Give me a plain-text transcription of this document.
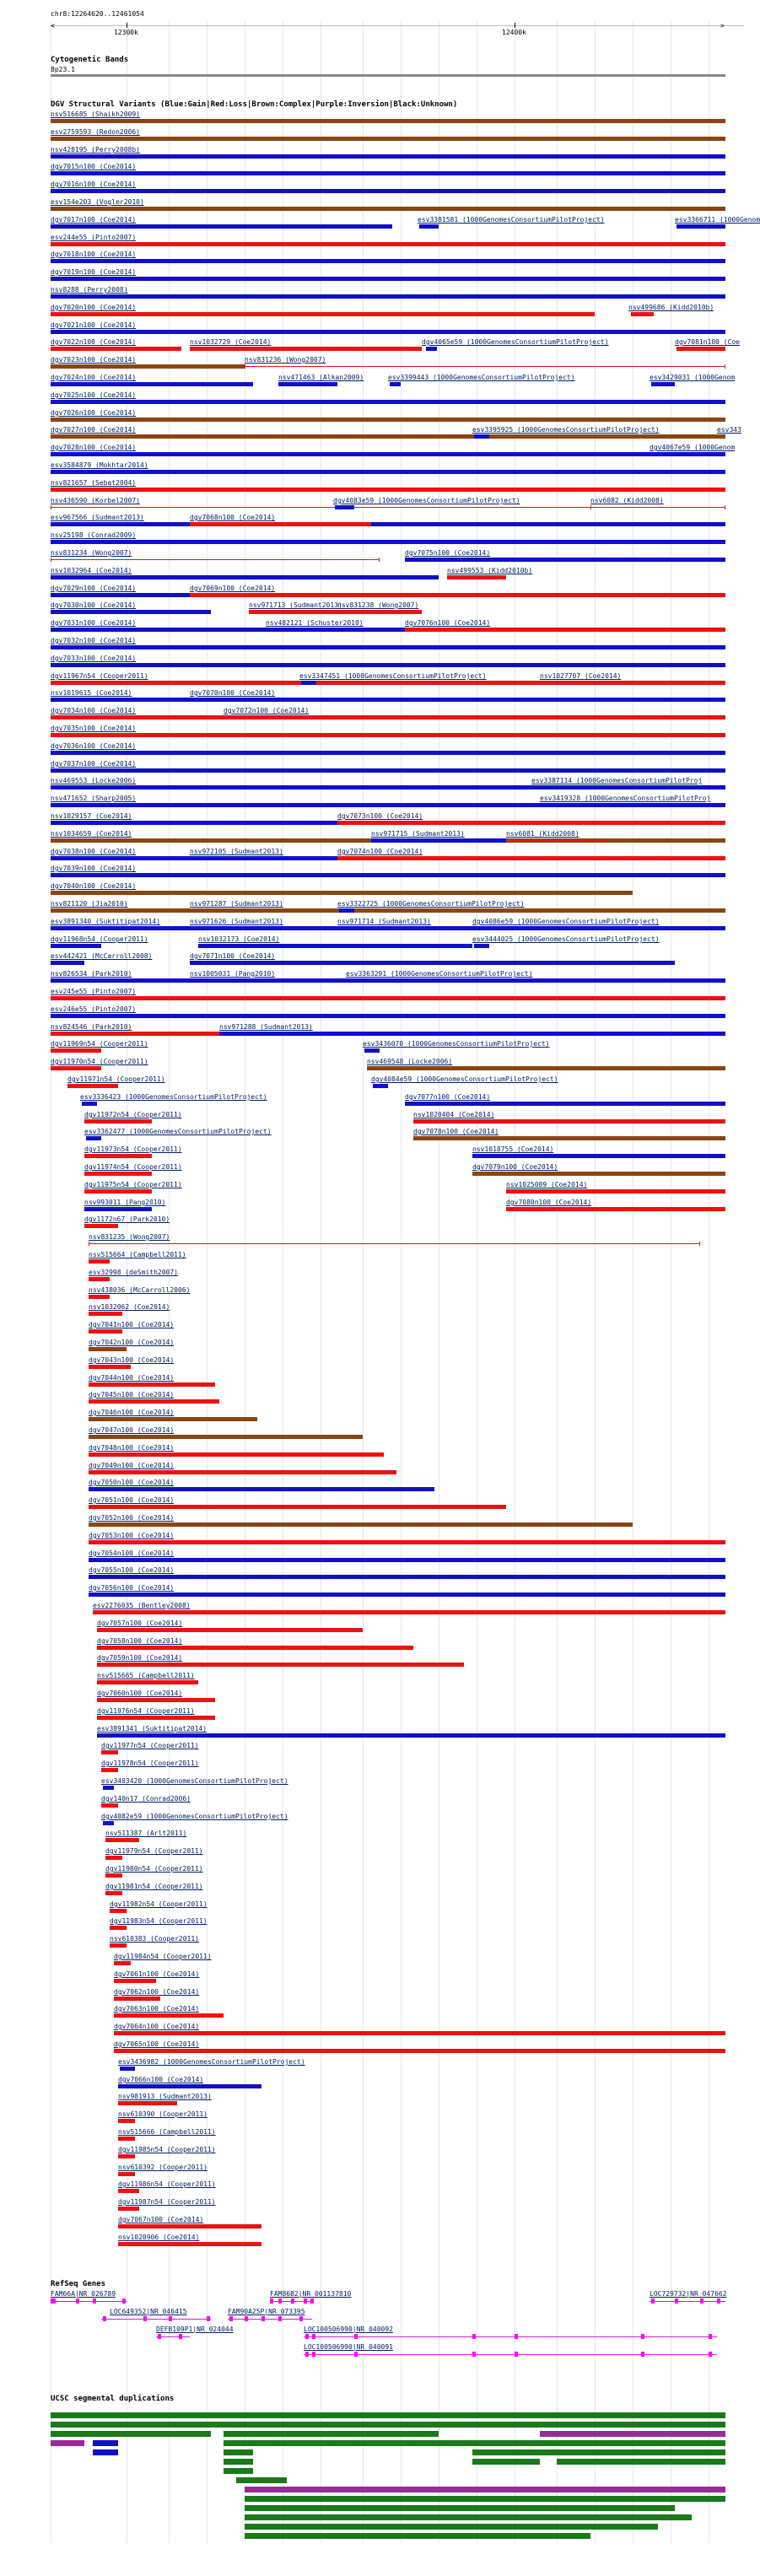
chr8:12264620..12461054
<	>
12300k	12400k
Cytogenetic Bands
8p23.1
DGV Structural Variants (Blue:Gain|Red:Loss|Brown:Complex|Purple:Inversion|Black:Unknown)
nsv516685 (Shaikh2009)
esv2759593 (Redon2006)
nsv428195 (Perry2008b)
dgv7015n100 (Coe2014)
dgv7016n100 (Coe2014)
esv154e203 (Vogler2010)
dgv7017n100 (Coe2014)	esv3381581 (1000GenomesConsortiumPilotProject)	esv3366711 (1000Genom
esv244e55 (Pinto2007)
dgv7018n100 (Coe2014)
dgv7019n100 (Coe2014)
nsv8288 (Perry2008)
dgv7020n100 (Coe2014)	nsv499686 (Kidd2010b)
dgv7021n100 (Coe2014)
dgv7022n100 (Coe2014)	nsv1032729 (Coe2014)	dgv4065e59 (1000GenomesConsortiumPilotProject)	dgv7081n100 (Coe
dgv7023n100 (Coe2014)	nsv831236 (Wong2007)
dgv7024n100 (Coe2014)	nsv471463 (Alkan2009)	esv3399443 (1000GenomesConsortiumPilotProject)	esv3429031 (1000Genom
dgv7025n100 (Coe2014)
dgv7026n100 (Coe2014)
dgv7027n100 (Coe2014)	esv3395925 (1000GenomesConsortiumPilotProject)	esv343
dgv7028n100 (Coe2014)	dgv4067e59 (1000Genom
esv3584879 (Mokhtar2014)
nsv821657 (Sebat2004)
nsv436590 (Korbel2007)	dgv4083e59 (1000GenomesConsortiumPilotProject)	nsv6082 (Kidd2008)
esv967566 (Sudmant2013)	dgv7068n100 (Coe2014)
nsv25198 (Conrad2009)
nsv831234 (Wong2007)	dgv7075n100 (Coe2014)
nsv1032964 (Coe2014)	nsv499553 (Kidd2010b)
dgv7029n100 (Coe2014)	dgv7069n100 (Coe2014)
dgv7030n100 (Coe2014)	nsv971713 (Sudmant2013)
nsv831238 (Wong2007)
dgv7031n100 (Coe2014)	nsv482121 (Schuster2010)	dgv7076n100 (Coe2014)
dgv7032n100 (Coe2014)
dgv7033n100 (Coe2014)
dgv11967n54 (Cooper2011)	esv3347451 (1000GenomesConsortiumPilotProject)	nsv1027707 (Coe2014)
nsv1019615 (Coe2014)	dgv7070n100 (Coe2014)
dgv7034n100 (Coe2014)	dgv7072n100 (Coe2014)
dgv7035n100 (Coe2014)
dgv7036n100 (Coe2014)
dgv7037n100 (Coe2014)
nsv469553 (Locke2006)	esv3387114 (1000GenomesConsortiumPilotProj
nsv471652 (Sharp2005)	esv3419328 (1000GenomesConsortiumPilotProj
nsv1029157 (Coe2014)	dgv7073n100 (Coe2014)
nsv1034659 (Coe2014)	nsv971715 (Sudmant2013)	nsv6081 (Kidd2008)
dgv7038n100 (Coe2014)	nsv972105 (Sudmant2013)	dgv7074n100 (Coe2014)
dgv7039n100 (Coe2014)
dgv7040n100 (Coe2014)
nsv821120 (Jia2010)	nsv971287 (Sudmant2013)	esv3322725 (1000GenomesConsortiumPilotProject)
esv3891340 (Suktitipat2014)	nsv971626 (Sudmant2013)	nsv971714 (Sudmant2013)	dgv4086e59 (1000GenomesConsortiumPilotProject)
dgv11968n54 (Cooper2011)	nsv1032173 (Coe2014)	esv3444025 (1000GenomesConsortiumPilotProject)
esv442421 (McCarroll2008)	dgv7071n100 (Coe2014)
nsv826534 (Park2010)	nsv1005031 (Pang2010)	esv3363291 (1000GenomesConsortiumPilotProject)
esv245e55 (Pinto2007)
esv246e55 (Pinto2007)
nsv824546 (Park2010)	nsv971288 (Sudmant2013)
dgv11969n54 (Cooper2011)	esv3436070 (1000GenomesConsortiumPilotProject)
dgv11970n54 (Cooper2011)	nsv469548 (Locke2006)
dgv11971n54 (Cooper2011)	dgv4084e59 (1000GenomesConsortiumPilotProject)
esv3336423 (1000GenomesConsortiumPilotProject)	dgv7077n100 (Coe2014)
dgv11972n54 (Cooper2011)	nsv1020404 (Coe2014)
esv3362477 (1000GenomesConsortiumPilotProject)	dgv7078n100 (Coe2014)
dgv11973n54 (Cooper2011)	nsv1018755 (Coe2014)
dgv11974n54 (Cooper2011)	dgv7079n100 (Coe2014)
dgv11975n54 (Cooper2011)	nsv1025089 (Coe2014)
nsv993011 (Pang2010)	dgv7080n100 (Coe2014)
dgv1172n67 (Park2010)
nsv831235 (Wong2007)
nsv515664 (Campbell2011)
esv32998 (deSmith2007)
nsv438036 (McCarroll2006)
nsv1032062 (Coe2014)
dgv7041n100 (Coe2014)
dgv7042n100 (Coe2014)
dgv7043n100 (Coe2014)
dgv7044n100 (Coe2014)
dgv7045n100 (Coe2014)
dgv7046n100 (Coe2014)
dgv7047n100 (Coe2014)
dgv7048n100 (Coe2014)
dgv7049n100 (Coe2014)
dgv7050n100 (Coe2014)
dgv7051n100 (Coe2014)
dgv7052n100 (Coe2014)
dgv7053n100 (Coe2014)
dgv7054n100 (Coe2014)
dgv7055n100 (Coe2014)
dgv7056n100 (Coe2014)
esv2276035 (Bentley2008)
dgv7057n100 (Coe2014)
dgv7058n100 (Coe2014)
dgv7059n100 (Coe2014)
nsv515665 (Campbell2011)
dgv7060n100 (Coe2014)
dgv11976n54 (Cooper2011)
esv3891341 (Suktitipat2014)
dgv11977n54 (Cooper2011)
dgv11978n54 (Cooper2011)
esv3403420 (1000GenomesConsortiumPilotProject)
dgv140n17 (Conrad2006)
dgv4082e59 (1000GenomesConsortiumPilotProject)
nsv511387 (Arlt2011)
dgv11979n54 (Cooper2011)
dgv11980n54 (Cooper2011)
dgv11981n54 (Cooper2011)
dgv11982n54 (Cooper2011)
dgv11983n54 (Cooper2011)
nsv610383 (Cooper2011)
dgv11984n54 (Cooper2011)
dgv7061n100 (Coe2014)
dgv7062n100 (Coe2014)
dgv7063n100 (Coe2014)
dgv7064n100 (Coe2014)
dgv7065n100 (Coe2014)
esv3436982 (1000GenomesConsortiumPilotProject)
dgv7066n100 (Coe2014)
nsv981913 (Sudmant2013)
nsv610390 (Cooper2011)
nsv515666 (Campbell2011)
dgv11985n54 (Cooper2011)
nsv610392 (Cooper2011)
dgv11986n54 (Cooper2011)
dgv11987n54 (Cooper2011)
dgv7067n100 (Coe2014)
nsv1020906 (Coe2014)
RefSeq Genes
FAM66A|NR_026789
LOC649352|NR_046415
DEFB109P1|NR_024044
FAM86B2|NR_001137810
FAM90A25P|NR_073395
LOC100506990|NR_040092
LOC100506990|NR_040091
LOC729732|NR_047662
UCSC segmental duplications
